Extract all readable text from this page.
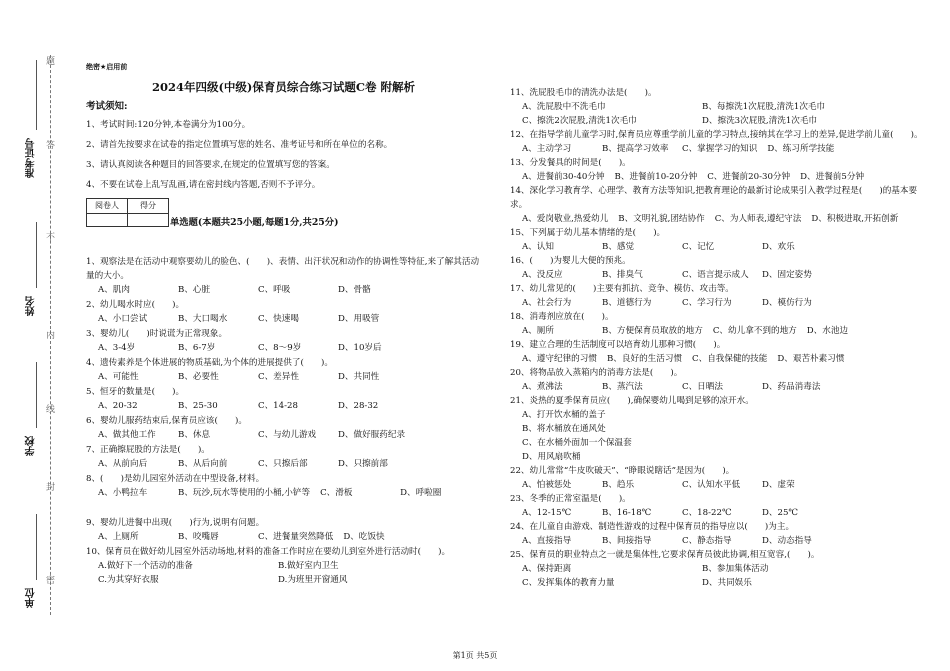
题
答
不
内
线
封
密
准考证号
姓名
学校
单位
绝密★启用前
2024年四级(中级)保育员综合练习试题C卷 附解析
考试须知:

1、考试时间:120分钟,本卷满分为100分。

2、请首先按要求在试卷的指定位置填写您的姓名、准考证号和所在单位的名称。

3、请认真阅读各种题目的回答要求,在规定的位置填写您的答案。

4、不要在试卷上乱写乱画,请在密封线内答题,否则不予评分。

阅卷人	得分

1、观察法是在活动中观察要幼儿的脸色、(　　)、表情、出汗状况和动作的协调性等特征,来了解其活动量的大小。
A、肌肉	B、心脏	C、呼吸	D、骨骼
2、幼儿喝水时应(　　)。
A、小口尝试	B、大口喝水	C、快速喝	D、用吸管
3、婴幼儿(　　)时说谎为正常现象。
A、3-4岁	B、6-7岁	C、8～9岁	D、10岁后
4、遗传素养是个体进展的物质基础,为个体的进展提供了(　　)。
A、可能性	B、必要性	C、差异性	D、共同性
5、恒牙的数量是(　　)。
A、20-32	B、25-30	C、14-28	D、28-32
6、婴幼儿服药结束后,保育员应该(　　)。
A、做其他工作	B、休息	C、与幼儿游戏	D、做好服药纪录
7、正确擦屁股的方法是(　　)。
A、从前向后	B、从后向前	C、只擦后部	D、只擦前部
8、(　　)是幼儿园室外活动在中型设备,材料。
A、小鸭拉车	B、玩沙,玩水等使用的小桶,小铲等 C、滑板	D、呼啦圈
9、婴幼儿进餐中出现(　　)行为,说明有问题。
A、上厕所	B、咬嘴唇	C、进餐量突然降低 D、吃饭快
10、保育员在做好幼儿园室外活动场地,材料的准备工作时应在要幼儿到室外进行活动时(　　)。
A.做好下一个活动的准备	B.做好室内卫生
C.为其穿好衣服	D.为班里开窗通风
单选题(本题共25小题,每题1分,共25分)
11、洗屁股毛巾的清洗办法是(　　)。
A、洗屁股中不洗毛巾	B、每擦洗1次屁股,清洗1次毛巾
C、擦洗2次屁股,清洗1次毛巾	D、擦洗3次屁股,清洗1次毛巾
12、在指导学前儿童学习时,保育员应尊重学前儿童的学习特点,接纳其在学习上的差异,促进学前儿童(　　)。
A、主动学习	B、提高学习效率 C、掌握学习的知识 D、练习所学技能
13、分发餐具的时间是(　　)。
A、进餐前30-40分钟 B、进餐前10-20分钟 C、进餐前20-30分钟 D、进餐前5分钟
14、深化学习教育学、心理学、教育方法等知识,把教育理论的最新讨论成果引入教学过程是(　　)的基本要求。
A、爱岗敬业,热爱幼儿 B、文明礼貌,团结协作 C、为人师表,遵纪守法 D、积极进取,开拓创新
15、下列属于幼儿基本情绪的是(　　)。
A、认知	B、感觉	C、记忆	D、欢乐
16、(　　)为婴儿大便的预兆。
A、没反应	B、排臭气	C、语言提示成人 D、固定姿势
17、幼儿常见的(　　)主要有抓抗、竞争、模仿、攻击等。
A、社会行为	B、道德行为	C、学习行为	D、模仿行为
18、消毒剂应放在(　　)。
A、厕所	B、方便保育员取放的地方 C、幼儿拿不到的地方 D、水池边
19、建立合理的生活制度可以培育幼儿那种习惯(　　)。
A、遵守纪律的习惯 B、良好的生活习惯 C、自我保健的技能 D、艰苦朴素习惯
20、将物品放入蒸箱内的消毒方法是(　　)。
A、煮沸法	B、蒸汽法	C、日晒法	D、药品消毒法
21、炎热的夏季保育员应(　　),确保婴幼儿喝到足够的凉开水。
A、打开饮水桶的盖子
B、将水桶放在通风处
C、在水桶外面加一个保温套
D、用风扇吹桶
22、幼儿常常“牛皮吹破天”、“睁眼说瞎话”是因为(　　)。
A、怕被惩处	B、趋乐	C、认知水平低	D、虚荣
23、冬季的正常室温是(　　)。
A、12-15℃	B、16-18℃	C、18-22℃	D、25℃
24、在儿童自由游戏、制造性游戏的过程中保育员的指导应以(　　)为主。
A、直接指导	B、间接指导	C、静态指导	D、动态指导
25、保育员的职业特点之一就是集体性,它要求保育员彼此协调,相互宽容,(　　)。
A、保持距离	B、参加集体活动
C、发挥集体的教育力量	D、共同娱乐
第1页 共5页
